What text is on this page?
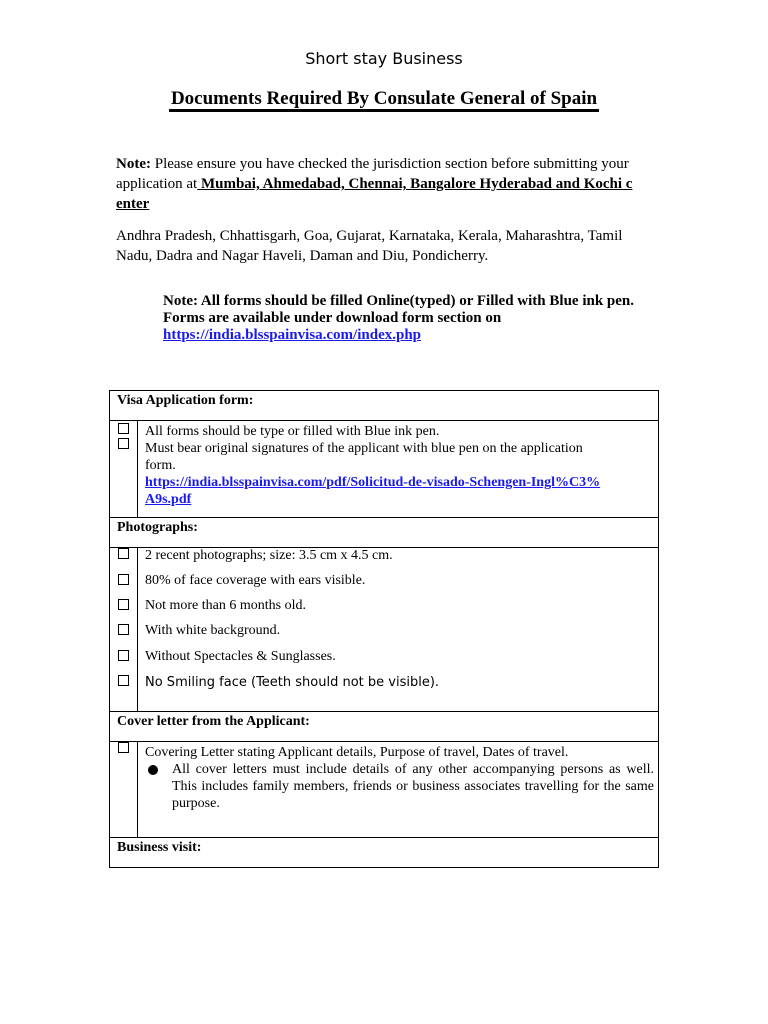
Short stay Business
Documents Required By Consulate General of Spain
Note: Please ensure you have checked the jurisdiction section before submitting your application at Mumbai, Ahmedabad, Chennai, Bangalore Hyderabad and Kochi c enter
Andhra Pradesh, Chhattisgarh, Goa, Gujarat, Karnataka, Kerala, Maharashtra, Tamil Nadu, Dadra and Nagar Haveli, Daman and Diu, Pondicherry.
Note: All forms should be filled Online(typed) or Filled with Blue ink pen.
Forms are available under download form section on
https://india.blsspainvisa.com/index.php
Visa Application form:
All forms should be type or filled with Blue ink pen.
Must bear original signatures of the applicant with blue pen on the application
form.
https://india.blsspainvisa.com/pdf/Solicitud-de-visado-Schengen-Ingl%C3%
A9s.pdf
Photographs:
2 recent photographs; size: 3.5 cm x 4.5 cm.
80% of face coverage with ears visible.
Not more than 6 months old.
With white background.
Without Spectacles & Sunglasses.
No Smiling face (Teeth should not be visible).
Cover letter from the Applicant:
Covering Letter stating Applicant details, Purpose of travel, Dates of travel.
All cover letters must include details of any other accompanying persons as well. This includes family members, friends or business associates travelling for the same purpose.
Business visit:
